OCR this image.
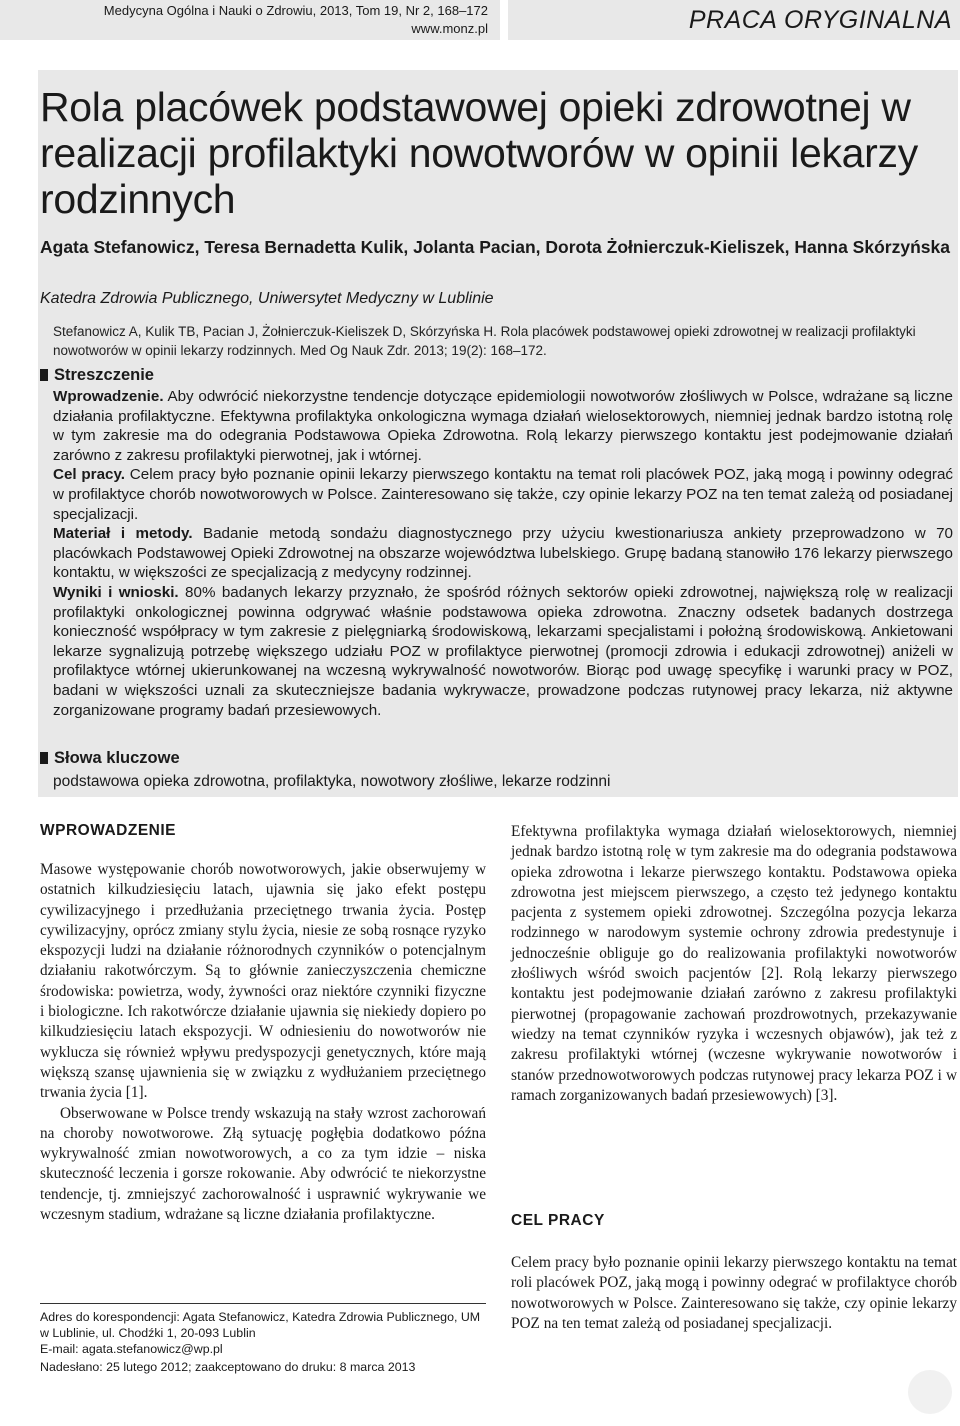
Medycyna Ogólna i Nauki o Zdrowiu, 2013, Tom 19, Nr 2, 168–172
www.monz.pl	PRACA ORYGINALNA
Rola placówek podstawowej opieki zdrowotnej w realizacji profilaktyki nowotworów w opinii lekarzy rodzinnych
Agata Stefanowicz, Teresa Bernadetta Kulik, Jolanta Pacian, Dorota Żołnierczuk-Kieliszek, Hanna Skórzyńska
Katedra Zdrowia Publicznego, Uniwersytet Medyczny w Lublinie
Stefanowicz A, Kulik TB, Pacian J, Żołnierczuk-Kieliszek D, Skórzyńska H. Rola placówek podstawowej opieki zdrowotnej w realizacji profilaktyki nowotworów w opinii lekarzy rodzinnych. Med Og Nauk Zdr. 2013; 19(2): 168–172.
Streszczenie

Wprowadzenie. Aby odwrócić niekorzystne tendencje dotyczące epidemiologii nowotworów złośliwych w Polsce, wdrażane są liczne działania profilaktyczne. Efektywna profilaktyka onkologiczna wymaga działań wielosektorowych, niemniej jednak bardzo istotną rolę w tym zakresie ma do odegrania Podstawowa Opieka Zdrowotna. Rolą lekarzy pierwszego kontaktu jest podejmowanie działań zarówno z zakresu profilaktyki pierwotnej, jak i wtórnej.

Cel pracy. Celem pracy było poznanie opinii lekarzy pierwszego kontaktu na temat roli placówek POZ, jaką mogą i powinny odegrać w profilaktyce chorób nowotworowych w Polsce. Zainteresowano się także, czy opinie lekarzy POZ na ten temat zależą od posiadanej specjalizacji.

Materiał i metody. Badanie metodą sondażu diagnostycznego przy użyciu kwestionariusza ankiety przeprowadzono w 70 placówkach Podstawowej Opieki Zdrowotnej na obszarze województwa lubelskiego. Grupę badaną stanowiło 176 lekarzy pierwszego kontaktu, w większości ze specjalizacją z medycyny rodzinnej.

Wyniki i wnioski. 80% badanych lekarzy przyznało, że spośród różnych sektorów opieki zdrowotnej, największą rolę w realizacji profilaktyki onkologicznej powinna odgrywać właśnie podstawowa opieka zdrowotna. Znaczny odsetek badanych dostrzega konieczność współpracy w tym zakresie z pielęgniarką środowiskową, lekarzami specjalistami i położną środowiskową. Ankietowani lekarze sygnalizują potrzebę większego udziału POZ w profilaktyce pierwotnej (promocji zdrowia i edukacji zdrowotnej) aniżeli w profilaktyce wtórnej ukierunkowanej na wczesną wykrywalność nowotworów. Biorąc pod uwagę specyfikę i warunki pracy w POZ, badani w większości uznali za skuteczniejsze badania wykrywacze, prowadzone podczas rutynowej pracy lekarza, niż aktywne zorganizowane programy badań przesiewowych.

Słowa kluczowe
podstawowa opieka zdrowotna, profilaktyka, nowotwory złośliwe, lekarze rodzinni
WPROWADZENIE

Masowe występowanie chorób nowotworowych, jakie obserwujemy w ostatnich kilkudziesięciu latach, ujawnia się jako efekt postępu cywilizacyjnego i przedłużania przeciętnego trwania życia. Postęp cywilizacyjny, oprócz zmiany stylu życia, niesie ze sobą rosnące ryzyko ekspozycji ludzi na działanie różnorodnych czynników o potencjalnym działaniu rakotwórczym. Są to głównie zanieczyszczenia chemiczne środowiska: powietrza, wody, żywności oraz niektóre czynniki fizyczne i biologiczne. Ich rakotwórcze działanie ujawnia się niekiedy dopiero po kilkudziesięciu latach ekspozycji. W odniesieniu do nowotworów nie wyklucza się również wpływu predyspozycji genetycznych, które mają większą szansę ujawnienia się w związku z wydłużaniem przeciętnego trwania życia [1].

Obserwowane w Polsce trendy wskazują na stały wzrost zachorowań na choroby nowotworowe. Złą sytuację pogłębia dodatkowo późna wykrywalność zmian nowotworowych, a co za tym idzie – niska skuteczność leczenia i gorsze rokowanie. Aby odwrócić te niekorzystne tendencje, tj. zmniejszyć zachorowalność i usprawnić wykrywanie we wczesnym stadium, wdrażane są liczne działania profilaktyczne.

Efektywna profilaktyka wymaga działań wielosektorowych, niemniej jednak bardzo istotną rolę w tym zakresie ma do odegrania podstawowa opieka zdrowotna i lekarze pierwszego kontaktu. Podstawowa opieka zdrowotna jest miejscem pierwszego, a często też jedynego kontaktu pacjenta z systemem opieki zdrowotnej. Szczególna pozycja lekarza rodzinnego w narodowym systemie ochrony zdrowia predestynuje i jednocześnie obliguje go do realizowania profilaktyki nowotworów złośliwych wśród swoich pacjentów [2]. Rolą lekarzy pierwszego kontaktu jest podejmowanie działań zarówno z zakresu profilaktyki pierwotnej (propagowanie zachowań prozdrowotnych, przekazywanie wiedzy na temat czynników ryzyka i wczesnych objawów), jak też z zakresu profilaktyki wtórnej (wczesne wykrywanie nowotworów i stanów przednowotworowych podczas rutynowej pracy lekarza POZ i w ramach zorganizowanych badań przesiewowych) [3].

CEL PRACY

Celem pracy było poznanie opinii lekarzy pierwszego kontaktu na temat roli placówek POZ, jaką mogą i powinny odegrać w profilaktyce chorób nowotworowych w Polsce. Zainteresowano się także, czy opinie lekarzy POZ na ten temat zależą od posiadanej specjalizacji.

Adres do korespondencji: Agata Stefanowicz, Katedra Zdrowia Publicznego, UM w Lublinie, ul. Chodźki 1, 20-093 Lublin
E-mail: agata.stefanowicz@wp.pl
Nadesłano: 25 lutego 2012; zaakceptowano do druku: 8 marca 2013
